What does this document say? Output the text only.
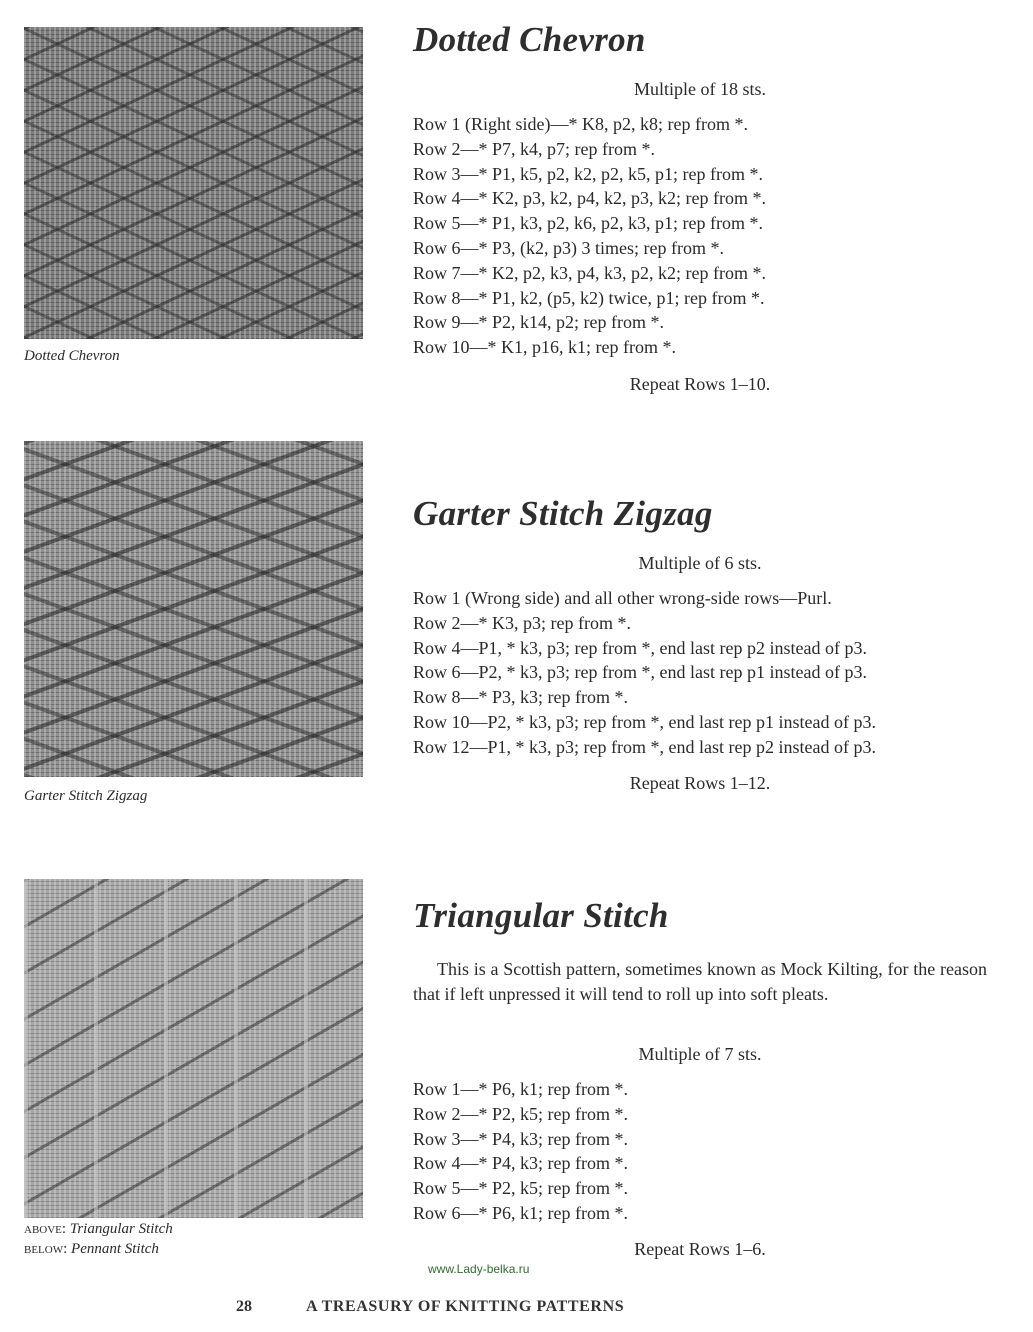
Dotted Chevron
Dotted Chevron
Multiple of 18 sts.
Row 1 (Right side)—* K8, p2, k8; rep from *.
Row 2—* P7, k4, p7; rep from *.
Row 3—* P1, k5, p2, k2, p2, k5, p1; rep from *.
Row 4—* K2, p3, k2, p4, k2, p3, k2; rep from *.
Row 5—* P1, k3, p2, k6, p2, k3, p1; rep from *.
Row 6—* P3, (k2, p3) 3 times; rep from *.
Row 7—* K2, p2, k3, p4, k3, p2, k2; rep from *.
Row 8—* P1, k2, (p5, k2) twice, p1; rep from *.
Row 9—* P2, k14, p2; rep from *.
Row 10—* K1, p16, k1; rep from *.
Repeat Rows 1–10.
Garter Stitch Zigzag
Garter Stitch Zigzag
Multiple of 6 sts.
Row 1 (Wrong side) and all other wrong-side rows—Purl.
Row 2—* K3, p3; rep from *.
Row 4—P1, * k3, p3; rep from *, end last rep p2 instead of p3.
Row 6—P2, * k3, p3; rep from *, end last rep p1 instead of p3.
Row 8—* P3, k3; rep from *.
Row 10—P2, * k3, p3; rep from *, end last rep p1 instead of p3.
Row 12—P1, * k3, p3; rep from *, end last rep p2 instead of p3.
Repeat Rows 1–12.
above: Triangular Stitch
below: Pennant Stitch
Triangular Stitch

This is a Scottish pattern, sometimes known as Mock Kilting, for the reason that if left unpressed it will tend to roll up into soft pleats.

Multiple of 7 sts.
Row 1—* P6, k1; rep from *.
Row 2—* P2, k5; rep from *.
Row 3—* P4, k3; rep from *.
Row 4—* P4, k3; rep from *.
Row 5—* P2, k5; rep from *.
Row 6—* P6, k1; rep from *.
Repeat Rows 1–6.
www.Lady-belka.ru
28	A TREASURY OF KNITTING PATTERNS
